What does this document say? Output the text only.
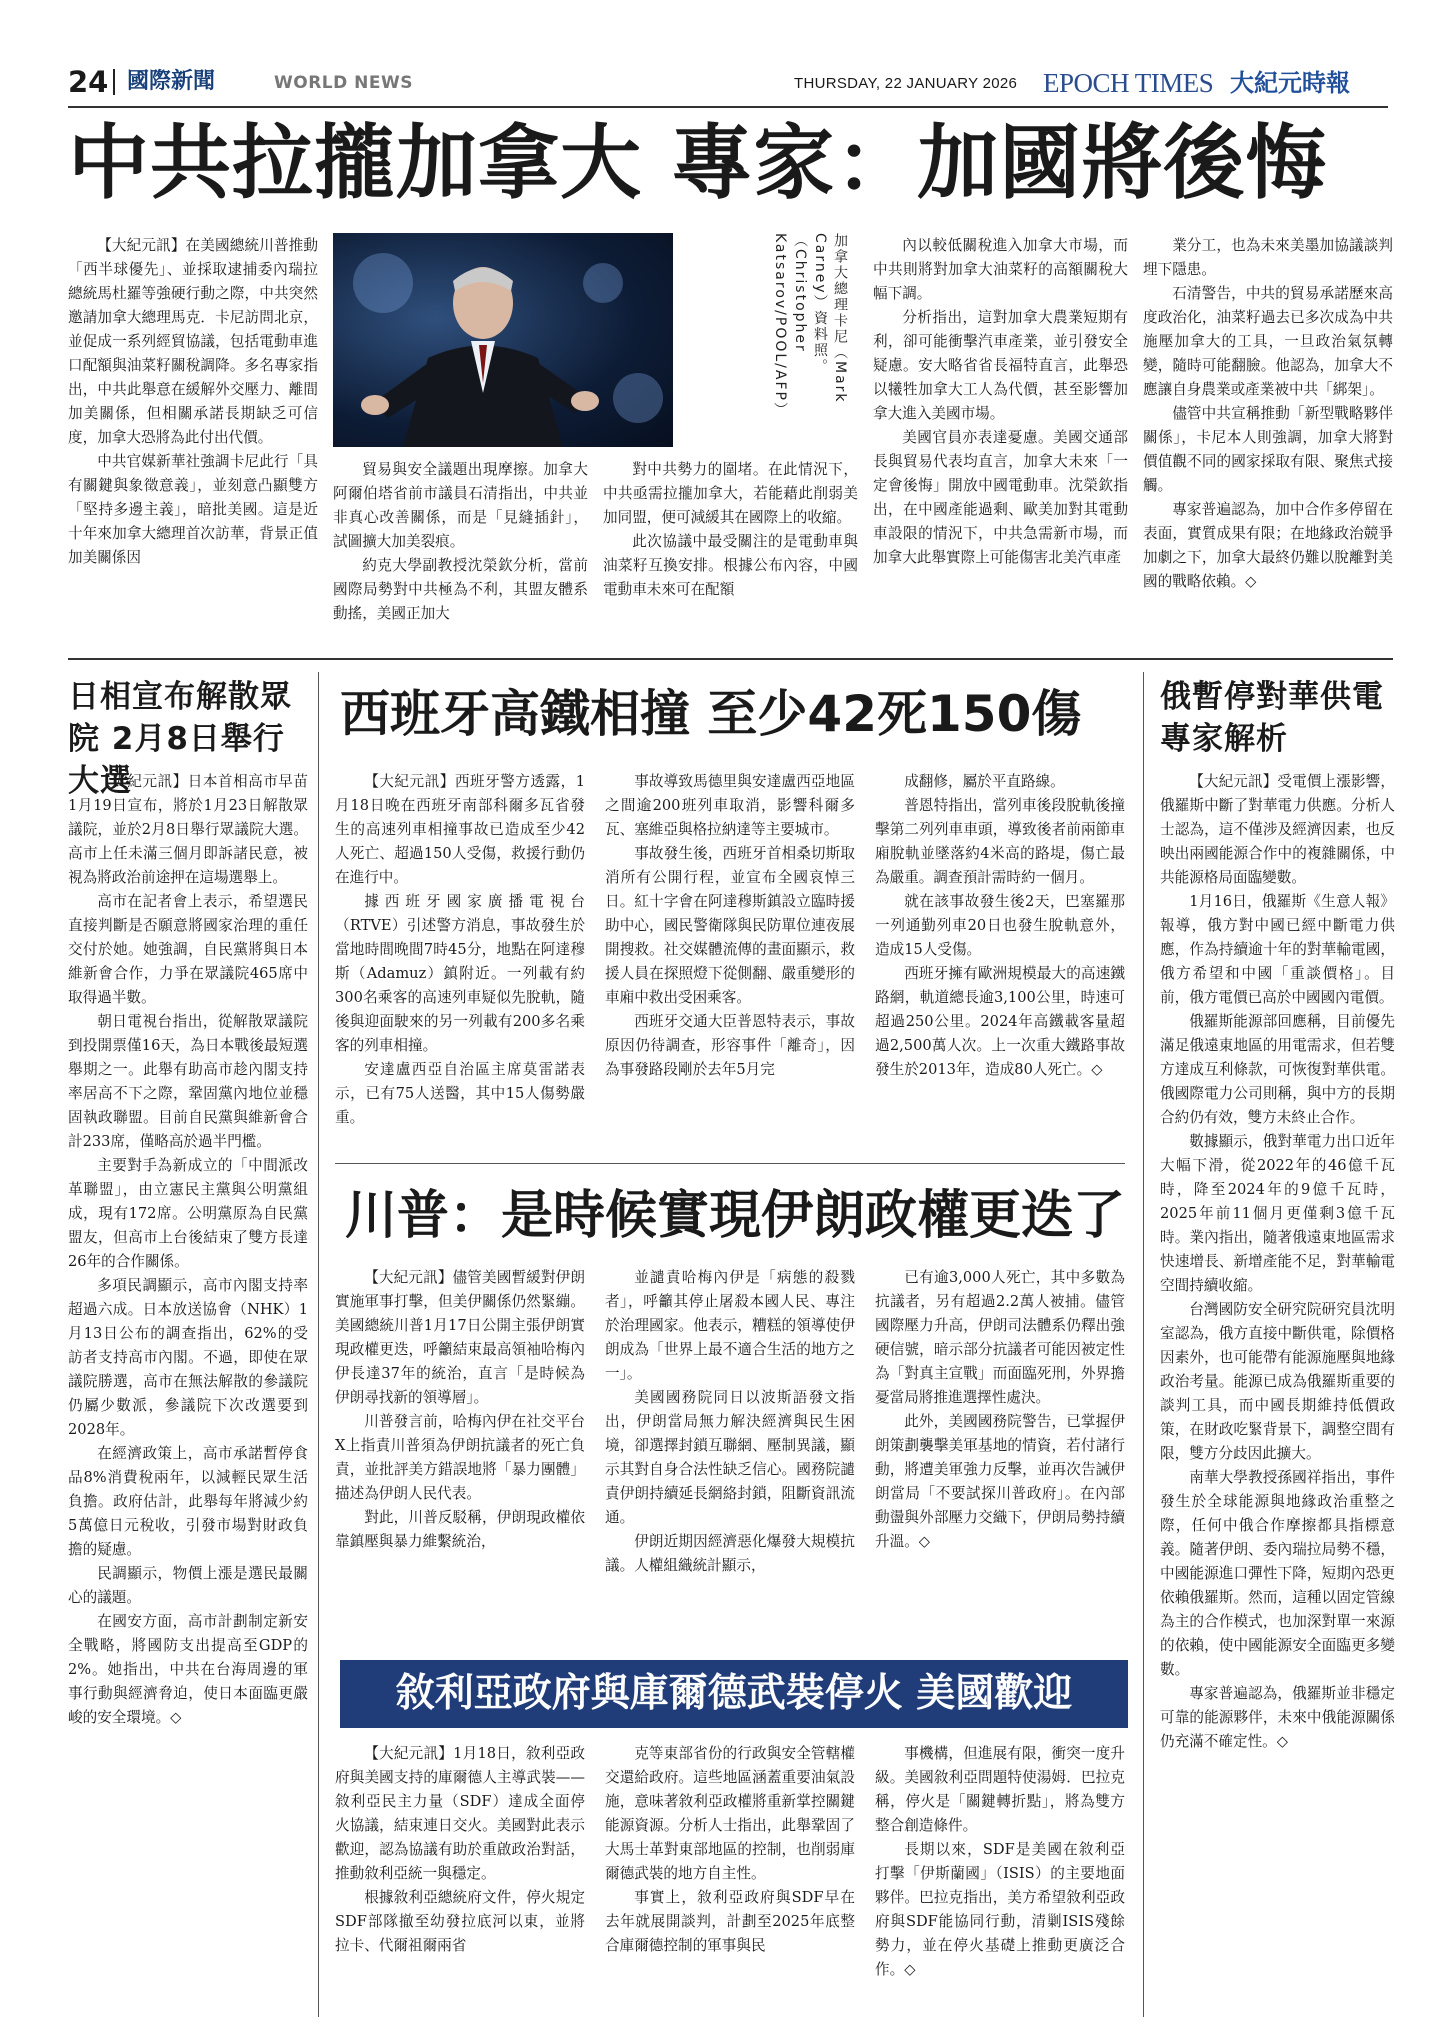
24 國際新聞	WORLD NEWS	THURSDAY, 22 JANUARY 2026 EPOCH TIMES 大紀元時報
中共拉攏加拿大 專家：加國將後悔

【大紀元訊】在美國總統川普推動「西半球優先」、並採取逮捕委內瑞拉總統馬杜羅等強硬行動之際，中共突然邀請加拿大總理馬克．卡尼訪問北京，並促成一系列經貿協議，包括電動車進口配額與油菜籽關稅調降。多名專家指出，中共此舉意在緩解外交壓力、離間加美關係，但相關承諾長期缺乏可信度，加拿大恐將為此付出代價。

中共官媒新華社強調卡尼此行「具有關鍵與象徵意義」，並刻意凸顯雙方「堅持多邊主義」，暗批美國。這是近十年來加拿大總理首次訪華，背景正值加美關係因

加拿大總理卡尼（Mark Carney）資料照。（Christopher Katsarov/POOL/AFP）

貿易與安全議題出現摩擦。加拿大阿爾伯塔省前市議員石清指出，中共並非真心改善關係，而是「見縫插針」，試圖擴大加美裂痕。

約克大學副教授沈榮欽分析，當前國際局勢對中共極為不利，其盟友體系動搖，美國正加大

對中共勢力的圍堵。在此情況下，中共亟需拉攏加拿大，若能藉此削弱美加同盟，便可減緩其在國際上的收縮。

此次協議中最受關注的是電動車與油菜籽互換安排。根據公布內容，中國電動車未來可在配額

內以較低關稅進入加拿大市場，而中共則將對加拿大油菜籽的高額關稅大幅下調。

分析指出，這對加拿大農業短期有利，卻可能衝擊汽車產業，並引發安全疑慮。安大略省省長福特直言，此舉恐以犧牲加拿大工人為代價，甚至影響加拿大進入美國市場。

美國官員亦表達憂慮。美國交通部長與貿易代表均直言，加拿大未來「一定會後悔」開放中國電動車。沈榮欽指出，在中國產能過剩、歐美加對其電動車設限的情況下，中共急需新市場，而加拿大此舉實際上可能傷害北美汽車產

業分工，也為未來美墨加協議談判埋下隱患。

石清警告，中共的貿易承諾歷來高度政治化，油菜籽過去已多次成為中共施壓加拿大的工具，一旦政治氣氛轉變，隨時可能翻臉。他認為，加拿大不應讓自身農業或產業被中共「綁架」。

儘管中共宣稱推動「新型戰略夥伴關係」，卡尼本人則強調，加拿大將對價值觀不同的國家採取有限、聚焦式接觸。

專家普遍認為，加中合作多停留在表面，實質成果有限；在地緣政治競爭加劇之下，加拿大最終仍難以脫離對美國的戰略依賴。◇

日相宣布解散眾院 2月8日舉行大選

【大紀元訊】日本首相高市早苗1月19日宣布，將於1月23日解散眾議院，並於2月8日舉行眾議院大選。高市上任未滿三個月即訴諸民意，被視為將政治前途押在這場選舉上。

高市在記者會上表示，希望選民直接判斷是否願意將國家治理的重任交付於她。她強調，自民黨將與日本維新會合作，力爭在眾議院465席中取得過半數。

朝日電視台指出，從解散眾議院到投開票僅16天，為日本戰後最短選舉期之一。此舉有助高市趁內閣支持率居高不下之際，鞏固黨內地位並穩固執政聯盟。目前自民黨與維新會合計233席，僅略高於過半門檻。

主要對手為新成立的「中間派改革聯盟」，由立憲民主黨與公明黨組成，現有172席。公明黨原為自民黨盟友，但高市上台後結束了雙方長達26年的合作關係。

多項民調顯示，高市內閣支持率超過六成。日本放送協會（NHK）1月13日公布的調查指出，62%的受訪者支持高市內閣。不過，即使在眾議院勝選，高市在無法解散的參議院仍屬少數派，參議院下次改選要到2028年。

在經濟政策上，高市承諾暫停食品8%消費稅兩年，以減輕民眾生活負擔。政府估計，此舉每年將減少約5萬億日元稅收，引發市場對財政負擔的疑慮。

民調顯示，物價上漲是選民最關心的議題。

在國安方面，高市計劃制定新安全戰略，將國防支出提高至GDP的2%。她指出，中共在台海周邊的軍事行動與經濟脅迫，使日本面臨更嚴峻的安全環境。◇

俄暫停對華供電 專家解析

【大紀元訊】受電價上漲影響，俄羅斯中斷了對華電力供應。分析人士認為，這不僅涉及經濟因素，也反映出兩國能源合作中的複雜關係，中共能源格局面臨變數。

1月16日，俄羅斯《生意人報》報導，俄方對中國已經中斷電力供應，作為持續逾十年的對華輸電國，俄方希望和中國「重談價格」。目前，俄方電價已高於中國國內電價。

俄羅斯能源部回應稱，目前優先滿足俄遠東地區的用電需求，但若雙方達成互利條款，可恢復對華供電。俄國際電力公司則稱，與中方的長期合約仍有效，雙方未終止合作。

數據顯示，俄對華電力出口近年大幅下滑，從2022年的46億千瓦時，降至2024年的9億千瓦時，2025年前11個月更僅剩3億千瓦時。業內指出，隨著俄遠東地區需求快速增長、新增產能不足，對華輸電空間持續收縮。

台灣國防安全研究院研究員沈明室認為，俄方直接中斷供電，除價格因素外，也可能帶有能源施壓與地緣政治考量。能源已成為俄羅斯重要的談判工具，而中國長期維持低價政策，在財政吃緊背景下，調整空間有限，雙方分歧因此擴大。

南華大學教授孫國祥指出，事件發生於全球能源與地緣政治重整之際，任何中俄合作摩擦都具指標意義。隨著伊朗、委內瑞拉局勢不穩，中國能源進口彈性下降，短期內恐更依賴俄羅斯。然而，這種以固定管線為主的合作模式，也加深對單一來源的依賴，使中國能源安全面臨更多變數。

專家普遍認為，俄羅斯並非穩定可靠的能源夥伴，未來中俄能源關係仍充滿不確定性。◇

西班牙高鐵相撞 至少42死150傷

【大紀元訊】西班牙警方透露，1月18日晚在西班牙南部科爾多瓦省發生的高速列車相撞事故已造成至少42人死亡、超過150人受傷，救援行動仍在進行中。

據西班牙國家廣播電視台（RTVE）引述警方消息，事故發生於當地時間晚間7時45分，地點在阿達穆斯（Adamuz）鎮附近。一列載有約300名乘客的高速列車疑似先脫軌，隨後與迎面駛來的另一列載有200多名乘客的列車相撞。

安達盧西亞自治區主席莫雷諾表示，已有75人送醫，其中15人傷勢嚴重。

事故導致馬德里與安達盧西亞地區之間逾200班列車取消，影響科爾多瓦、塞維亞與格拉納達等主要城市。

事故發生後，西班牙首相桑切斯取消所有公開行程，並宣布全國哀悼三日。紅十字會在阿達穆斯鎮設立臨時援助中心，國民警衛隊與民防單位連夜展開搜救。社交媒體流傳的畫面顯示，救援人員在探照燈下從側翻、嚴重變形的車廂中救出受困乘客。

西班牙交通大臣普恩特表示，事故原因仍待調查，形容事件「離奇」，因為事發路段剛於去年5月完

成翻修，屬於平直路線。

普恩特指出，當列車後段脫軌後撞擊第二列列車車頭，導致後者前兩節車廂脫軌並墜落約4米高的路堤，傷亡最為嚴重。調查預計需時約一個月。

就在該事故發生後2天，巴塞羅那一列通勤列車20日也發生脫軌意外，造成15人受傷。

西班牙擁有歐洲規模最大的高速鐵路網，軌道總長逾3,100公里，時速可超過250公里。2024年高鐵載客量超過2,500萬人次。上一次重大鐵路事故發生於2013年，造成80人死亡。◇

川普：是時候實現伊朗政權更迭了

【大紀元訊】儘管美國暫緩對伊朗實施軍事打擊，但美伊關係仍然緊繃。美國總統川普1月17日公開主張伊朗實現政權更迭，呼籲結束最高領袖哈梅內伊長達37年的統治，直言「是時候為伊朗尋找新的領導層」。

川普發言前，哈梅內伊在社交平台X上指責川普須為伊朗抗議者的死亡負責，並批評美方錯誤地將「暴力團體」描述為伊朗人民代表。

對此，川普反駁稱，伊朗現政權依靠鎮壓與暴力維繫統治，

並譴責哈梅內伊是「病態的殺戮者」，呼籲其停止屠殺本國人民、專注於治理國家。他表示，糟糕的領導使伊朗成為「世界上最不適合生活的地方之一」。

美國國務院同日以波斯語發文指出，伊朗當局無力解決經濟與民生困境，卻選擇封鎖互聯網、壓制異議，顯示其對自身合法性缺乏信心。國務院譴責伊朗持續延長網絡封鎖，阻斷資訊流通。

伊朗近期因經濟惡化爆發大規模抗議。人權組織統計顯示，

已有逾3,000人死亡，其中多數為抗議者，另有超過2.2萬人被捕。儘管國際壓力升高，伊朗司法體系仍釋出強硬信號，暗示部分抗議者可能因被定性為「對真主宣戰」而面臨死刑，外界擔憂當局將推進選擇性處決。

此外，美國國務院警告，已掌握伊朗策劃襲擊美軍基地的情資，若付諸行動，將遭美軍強力反擊，並再次告誡伊朗當局「不要試探川普政府」。在內部動盪與外部壓力交織下，伊朗局勢持續升溫。◇

敘利亞政府與庫爾德武裝停火 美國歡迎

【大紀元訊】1月18日，敘利亞政府與美國支持的庫爾德人主導武裝——敘利亞民主力量（SDF）達成全面停火協議，結束連日交火。美國對此表示歡迎，認為協議有助於重啟政治對話，推動敘利亞統一與穩定。

根據敘利亞總統府文件，停火規定SDF部隊撤至幼發拉底河以東，並將拉卡、代爾祖爾兩省

克等東部省份的行政與安全管轄權交還給政府。這些地區涵蓋重要油氣設施，意味著敘利亞政權將重新掌控關鍵能源資源。分析人士指出，此舉鞏固了大馬士革對東部地區的控制，也削弱庫爾德武裝的地方自主性。

事實上，敘利亞政府與SDF早在去年就展開談判，計劃至2025年底整合庫爾德控制的軍事與民

事機構，但進展有限，衝突一度升級。美國敘利亞問題特使湯姆．巴拉克稱，停火是「關鍵轉折點」，將為雙方整合創造條件。

長期以來，SDF是美國在敘利亞打擊「伊斯蘭國」（ISIS）的主要地面夥伴。巴拉克指出，美方希望敘利亞政府與SDF能協同行動，清剿ISIS殘餘勢力，並在停火基礎上推動更廣泛合作。◇
